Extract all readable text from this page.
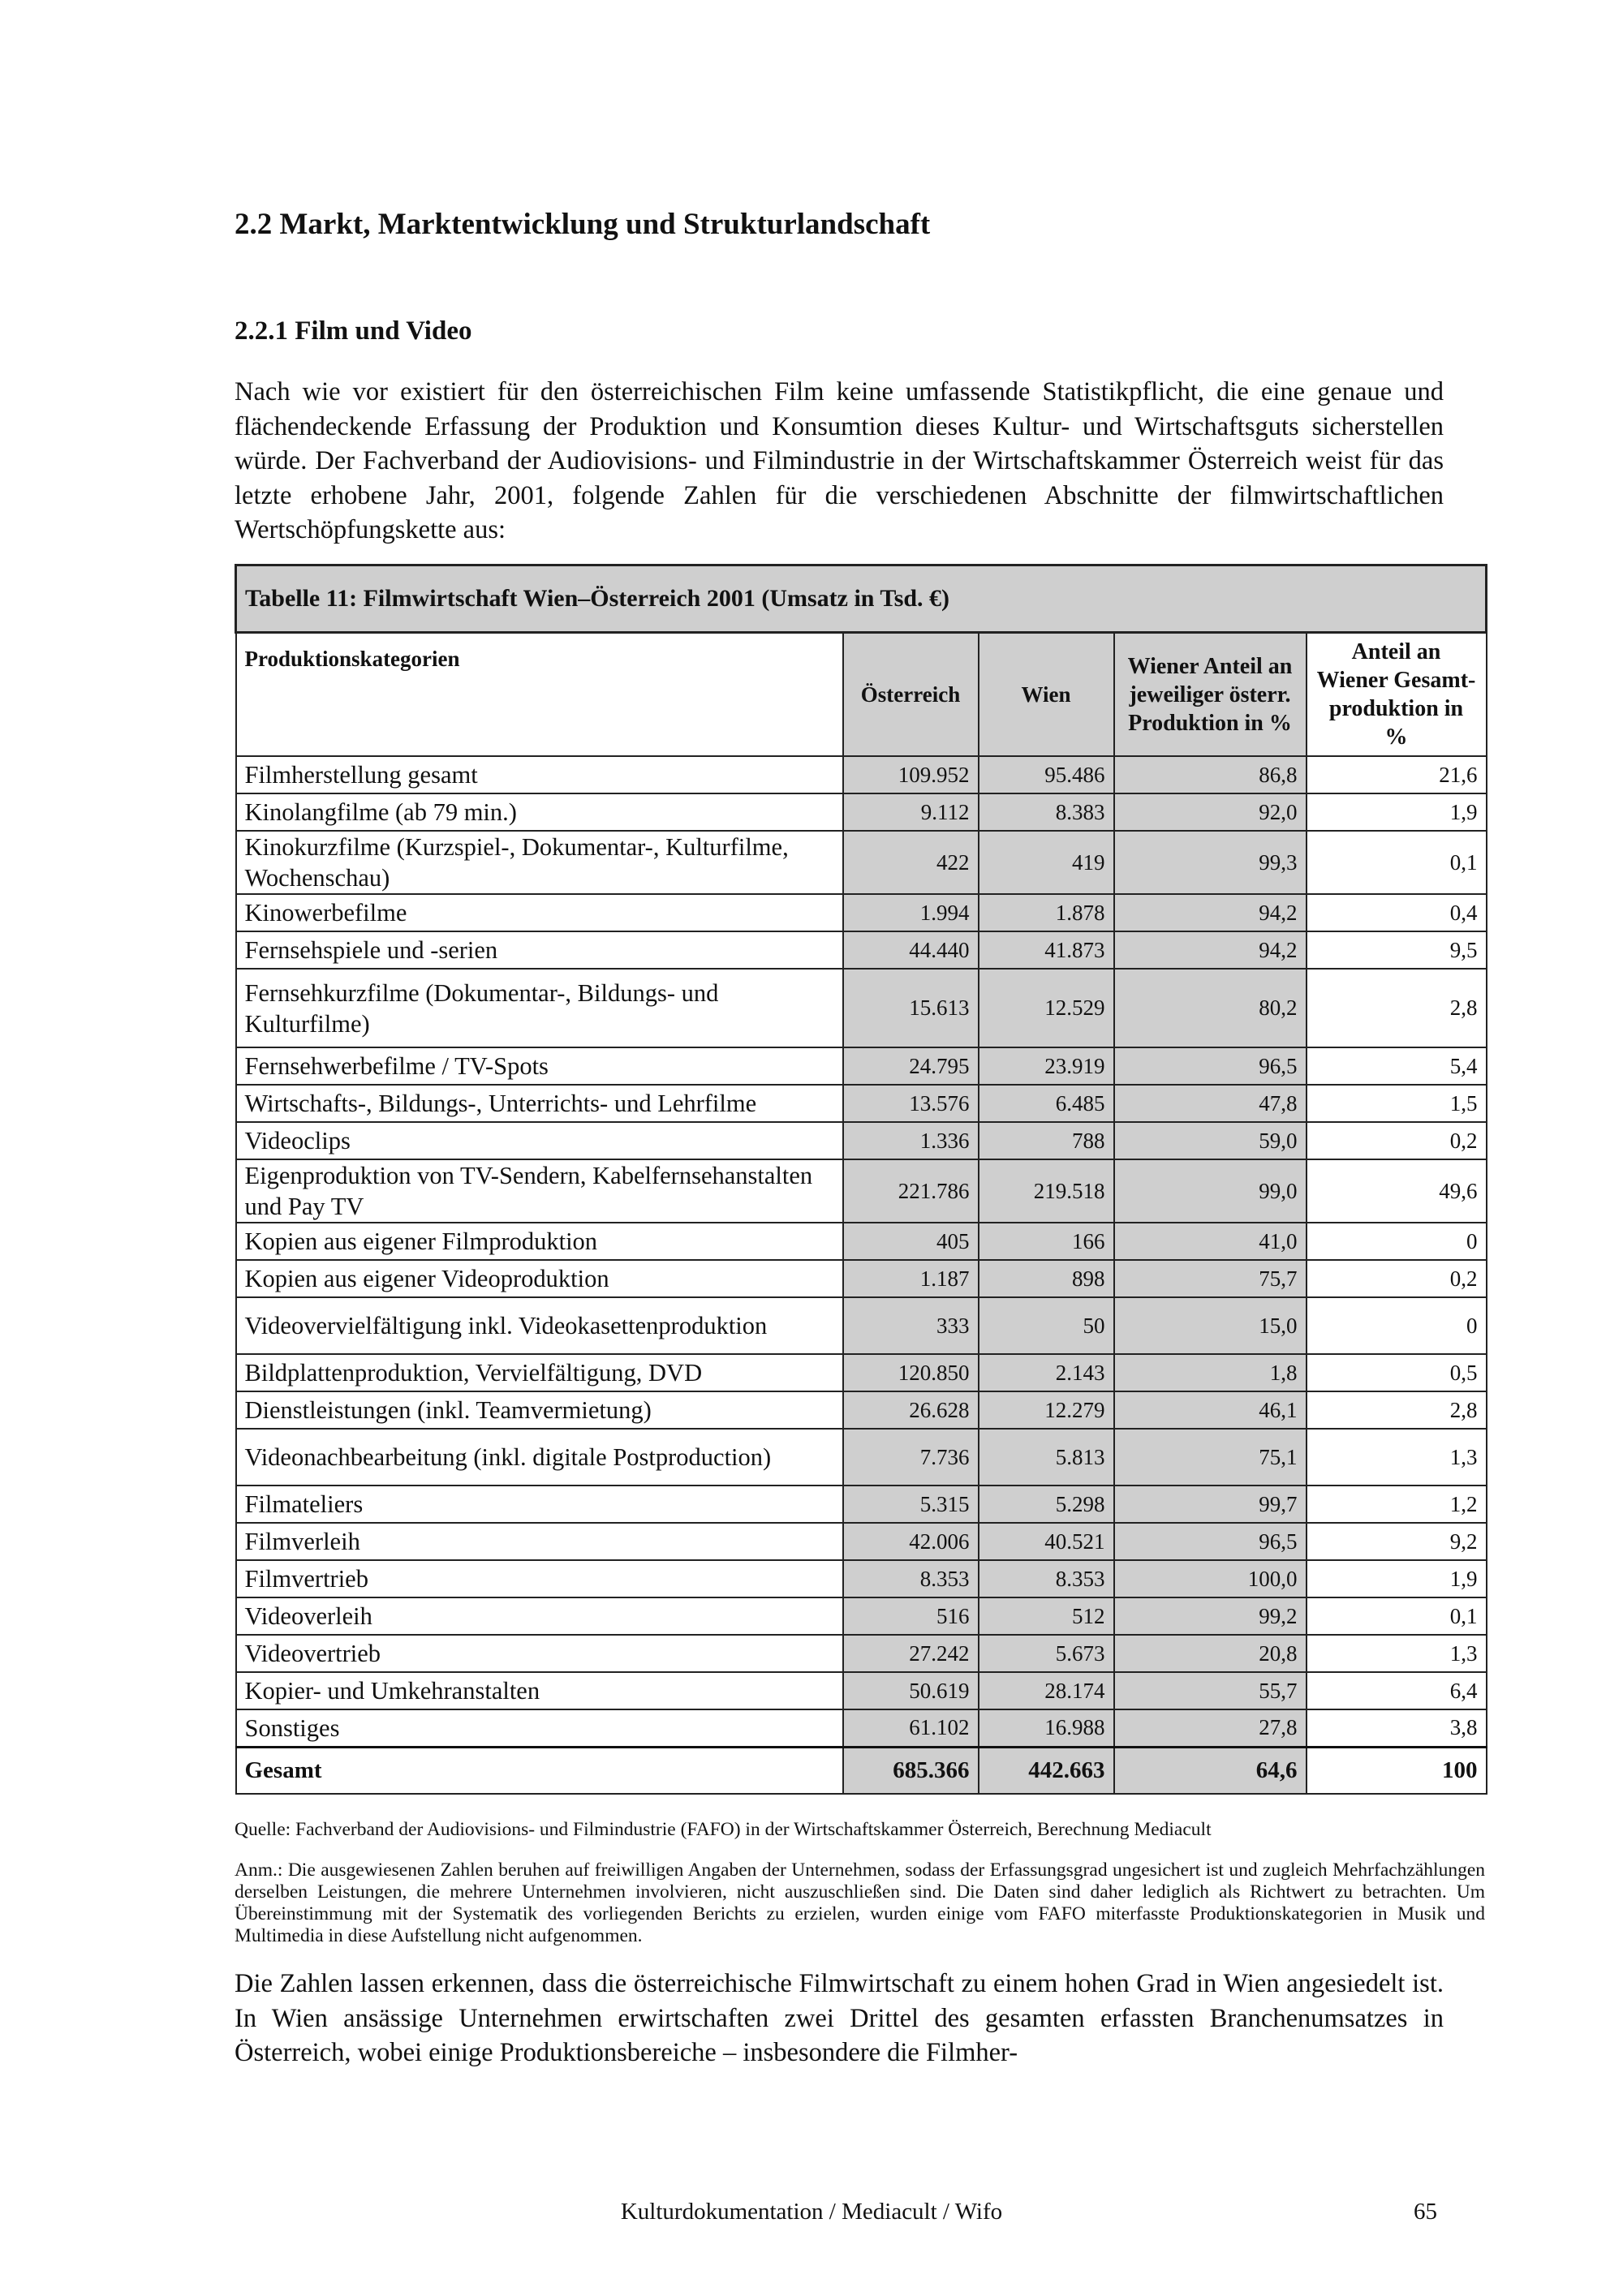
2.2 Markt, Marktentwicklung und Strukturlandschaft
2.2.1 Film und Video
Nach wie vor existiert für den österreichischen Film keine umfassende Statistikpflicht, die eine genaue und flächendeckende Erfassung der Produktion und Konsumtion dieses Kultur- und Wirtschaftsguts sicherstellen würde. Der Fachverband der Audiovisions- und Filmindustrie in der Wirtschaftskammer Österreich weist für das letzte erhobene Jahr, 2001, folgende Zahlen für die verschiedenen Abschnitte der filmwirtschaftlichen Wertschöpfungskette aus:
Tabelle 11: Filmwirtschaft Wien–Österreich 2001 (Umsatz in Tsd. €)				
Produktionskategorien	Österreich	Wien	Wiener Anteil an jeweiliger österr. Produktion in %	Anteil an Wiener Gesamt-produktion in %
Filmherstellung gesamt	109.952	95.486	86,8	21,6
Kinolangfilme (ab 79 min.)	9.112	8.383	92,0	1,9
Kinokurzfilme (Kurzspiel-, Dokumentar-, Kulturfilme, Wochenschau)	422	419	99,3	0,1
Kinowerbefilme	1.994	1.878	94,2	0,4
Fernsehspiele und -serien	44.440	41.873	94,2	9,5
Fernsehkurzfilme (Dokumentar-, Bildungs- und Kulturfilme)	15.613	12.529	80,2	2,8
Fernsehwerbefilme / TV-Spots	24.795	23.919	96,5	5,4
Wirtschafts-, Bildungs-, Unterrichts- und Lehrfilme	13.576	6.485	47,8	1,5
Videoclips	1.336	788	59,0	0,2
Eigenproduktion von TV-Sendern, Kabelfernsehanstalten und Pay TV	221.786	219.518	99,0	49,6
Kopien aus eigener Filmproduktion	405	166	41,0	0
Kopien aus eigener Videoproduktion	1.187	898	75,7	0,2
Videovervielfältigung inkl. Videokasettenproduktion	333	50	15,0	0
Bildplattenproduktion, Vervielfältigung, DVD	120.850	2.143	1,8	0,5
Dienstleistungen (inkl. Teamvermietung)	26.628	12.279	46,1	2,8
Videonachbearbeitung (inkl. digitale Postproduction)	7.736	5.813	75,1	1,3
Filmateliers	5.315	5.298	99,7	1,2
Filmverleih	42.006	40.521	96,5	9,2
Filmvertrieb	8.353	8.353	100,0	1,9
Videoverleih	516	512	99,2	0,1
Videovertrieb	27.242	5.673	20,8	1,3
Kopier- und Umkehranstalten	50.619	28.174	55,7	6,4
Sonstiges	61.102	16.988	27,8	3,8
Gesamt	685.366	442.663	64,6	100
Quelle: Fachverband der Audiovisions- und Filmindustrie (FAFO) in der Wirtschaftskammer Österreich, Berechnung Mediacult
Anm.: Die ausgewiesenen Zahlen beruhen auf freiwilligen Angaben der Unternehmen, sodass der Erfassungsgrad ungesichert ist und zugleich Mehrfachzählungen derselben Leistungen, die mehrere Unternehmen involvieren, nicht auszuschließen sind. Die Daten sind daher lediglich als Richtwert zu betrachten. Um Übereinstimmung mit der Systematik des vorliegenden Berichts zu erzielen, wurden einige vom FAFO miterfasste Produktionskategorien in Musik und Multimedia in diese Aufstellung nicht aufgenommen.
Die Zahlen lassen erkennen, dass die österreichische Filmwirtschaft zu einem hohen Grad in Wien angesiedelt ist. In Wien ansässige Unternehmen erwirtschaften zwei Drittel des gesamten erfassten Branchenumsatzes in Österreich, wobei einige Produktionsbereiche – insbesondere die Filmher-
Kulturdokumentation / Mediacult / Wifo	65
